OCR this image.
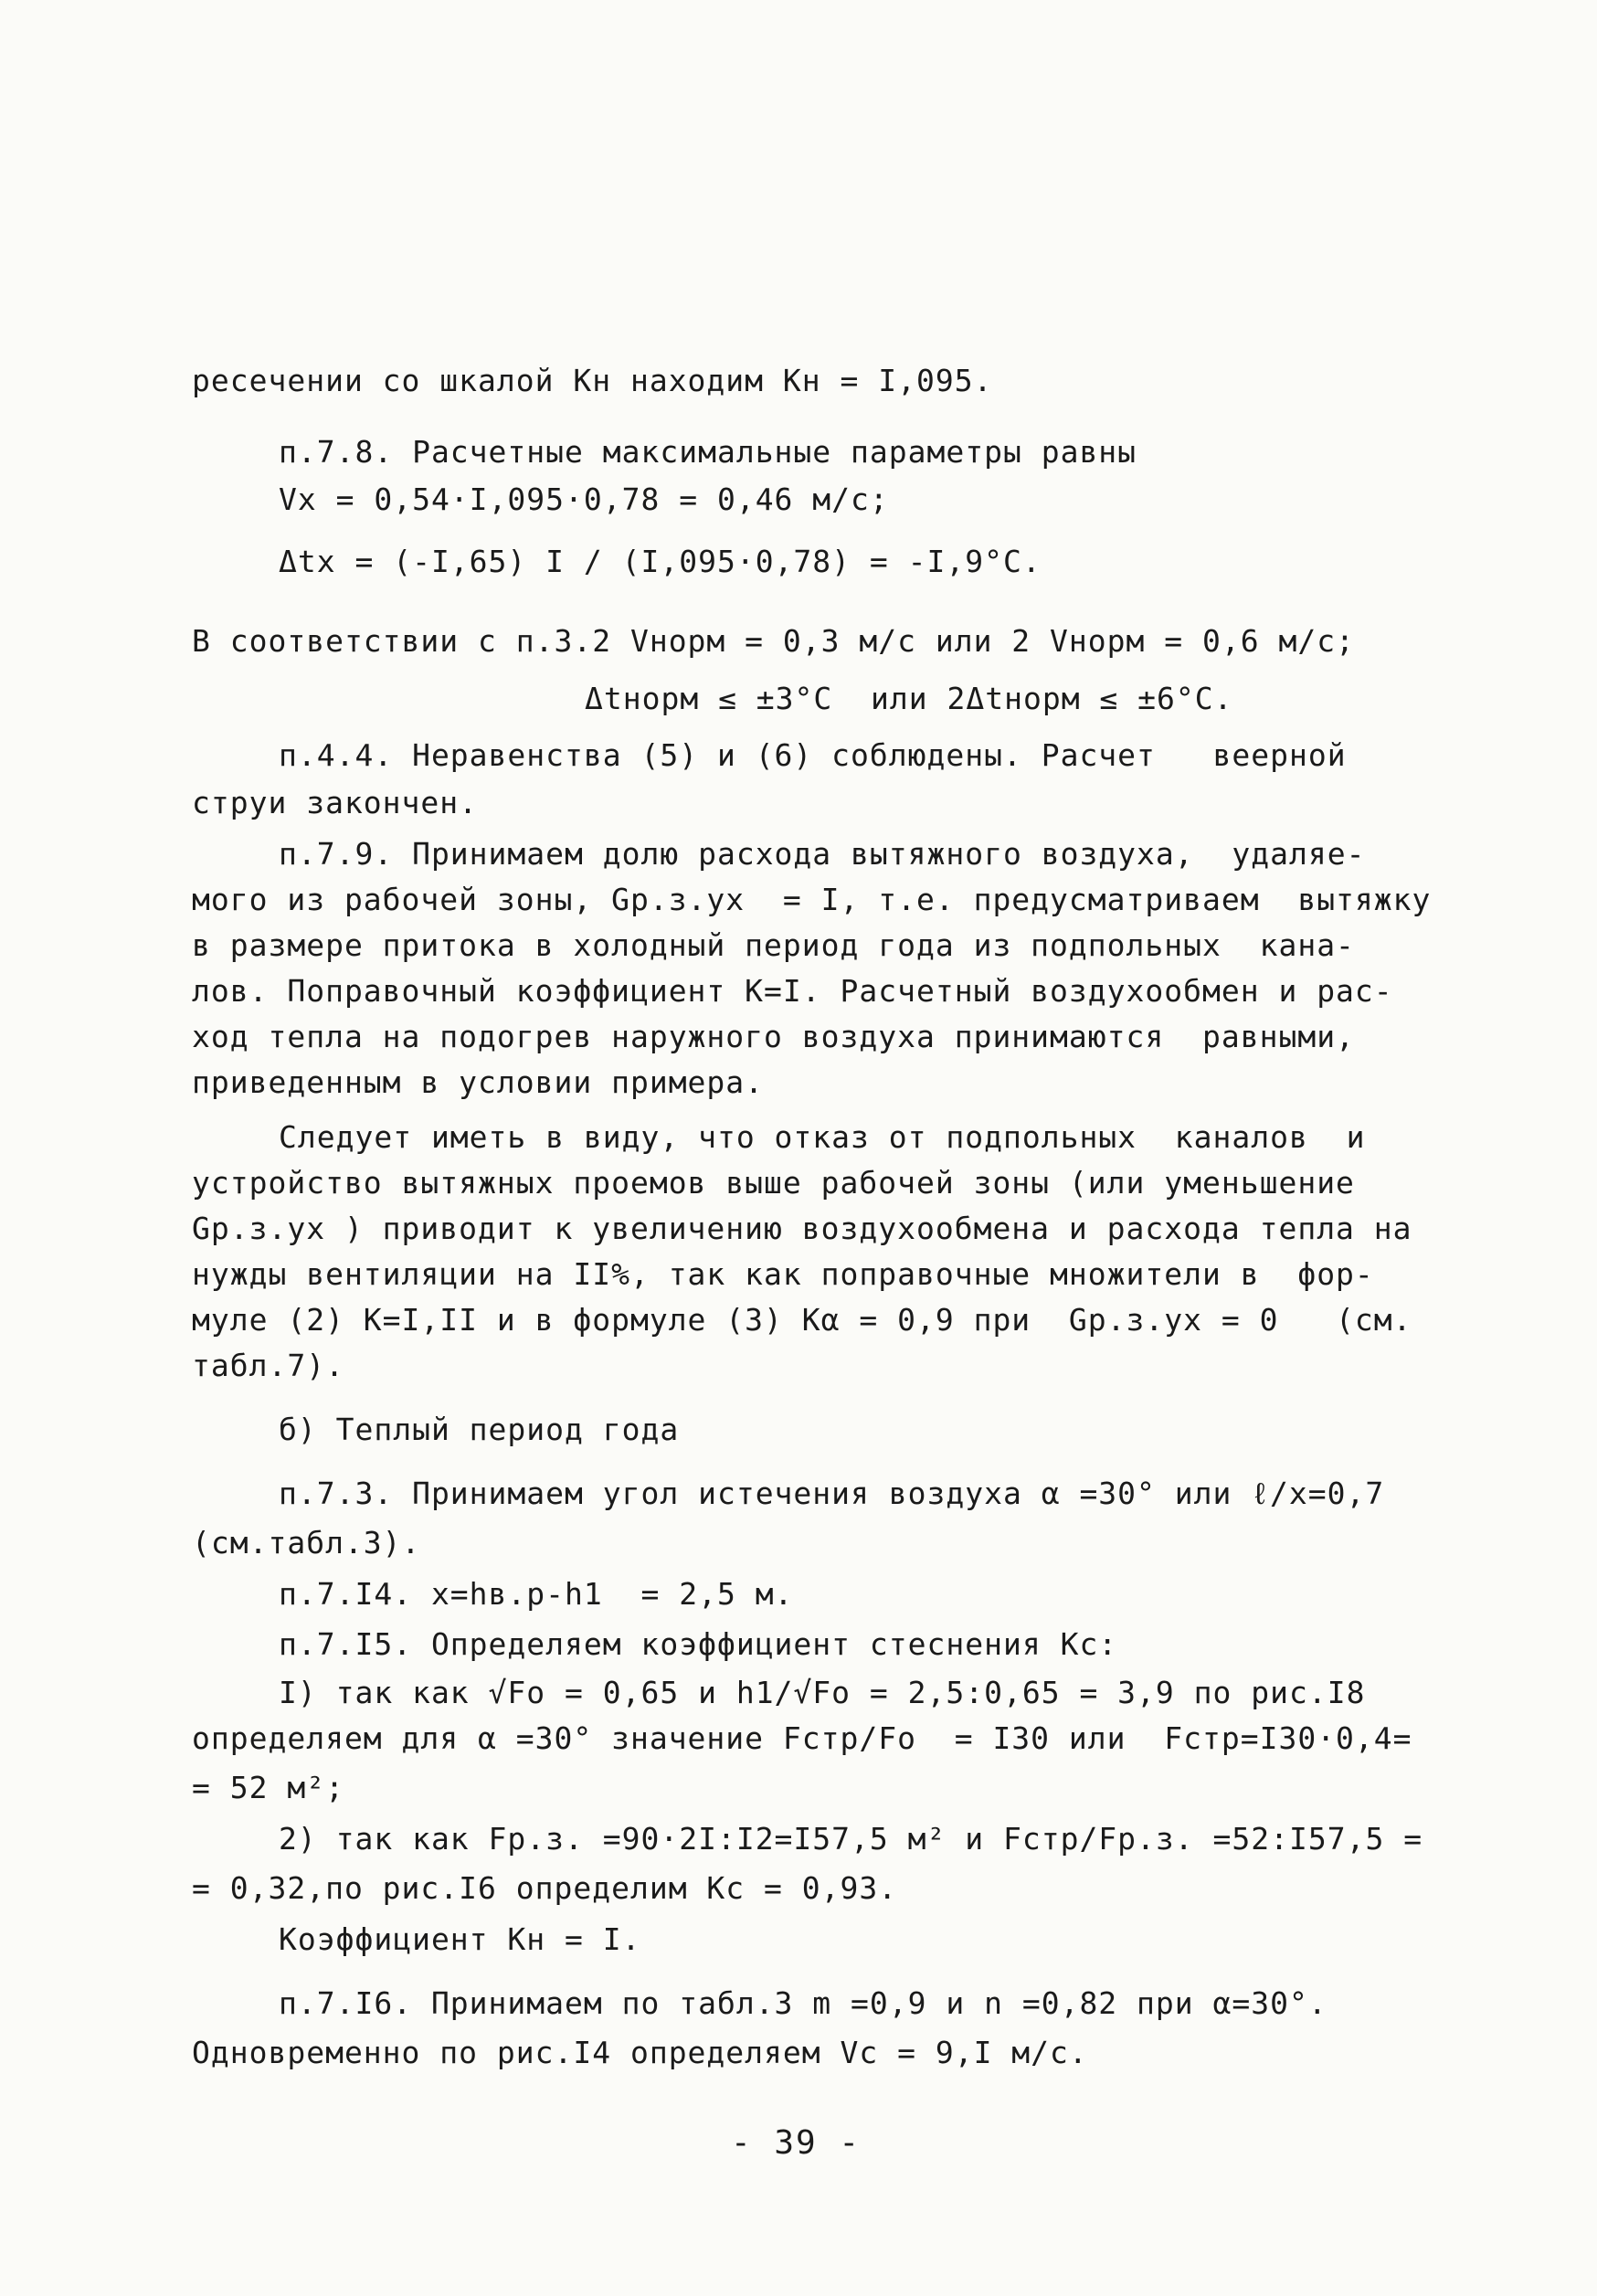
ресечении со шкалой Кн находим Кн = I,095.
п.7.8. Расчетные максимальные параметры равны
Vx = 0,54·I,095·0,78 = 0,46 м/с;
Δtx = (-I,65) I / (I,095·0,78) = -I,9°C.
В соответствии с п.3.2 Vнорм = 0,3 м/с или 2 Vнорм = 0,6 м/с;
Δtнорм ≤ ±3°С  или 2Δtнорм ≤ ±6°С.
п.4.4. Неравенства (5) и (6) соблюдены. Расчет   веерной
струи закончен.
п.7.9. Принимаем долю расхода вытяжного воздуха,  удаляе-
мого из рабочей зоны, Gр.з.ух  = I, т.е. предусматриваем  вытяжку
в размере притока в холодный период года из подпольных  кана-
лов. Поправочный коэффициент К=I. Расчетный воздухообмен и рас-
ход тепла на подогрев наружного воздуха принимаются  равными,
приведенным в условии примера.
Следует иметь в виду, что отказ от подпольных  каналов  и
устройство вытяжных проемов выше рабочей зоны (или уменьшение
Gр.з.ух ) приводит к увеличению воздухообмена и расхода тепла на
нужды вентиляции на II%, так как поправочные множители в  фор-
муле (2) К=I,II и в формуле (3) Кα = 0,9 при  Gр.з.ух = 0   (см.
табл.7).
б) Теплый период года
п.7.3. Принимаем угол истечения воздуха α =30° или ℓ/x=0,7
(см.табл.3).
п.7.I4. x=hв.р-h1  = 2,5 м.
п.7.I5. Определяем коэффициент стеснения Кс:
I) так как √Fo = 0,65 и h1/√Fo = 2,5:0,65 = 3,9 по рис.I8
определяем для α =30° значение Fстр/Fo  = I30 или  Fстр=I30·0,4=
= 52 м²;
2) так как Fр.з. =90·2I:I2=I57,5 м² и Fстр/Fр.з. =52:I57,5 =
= 0,32,по рис.I6 определим Кс = 0,93.
Коэффициент Кн = I.
п.7.I6. Принимаем по табл.3 m =0,9 и n =0,82 при α=30°.
Одновременно по рис.I4 определяем Vc = 9,I м/с.
- 39 -
